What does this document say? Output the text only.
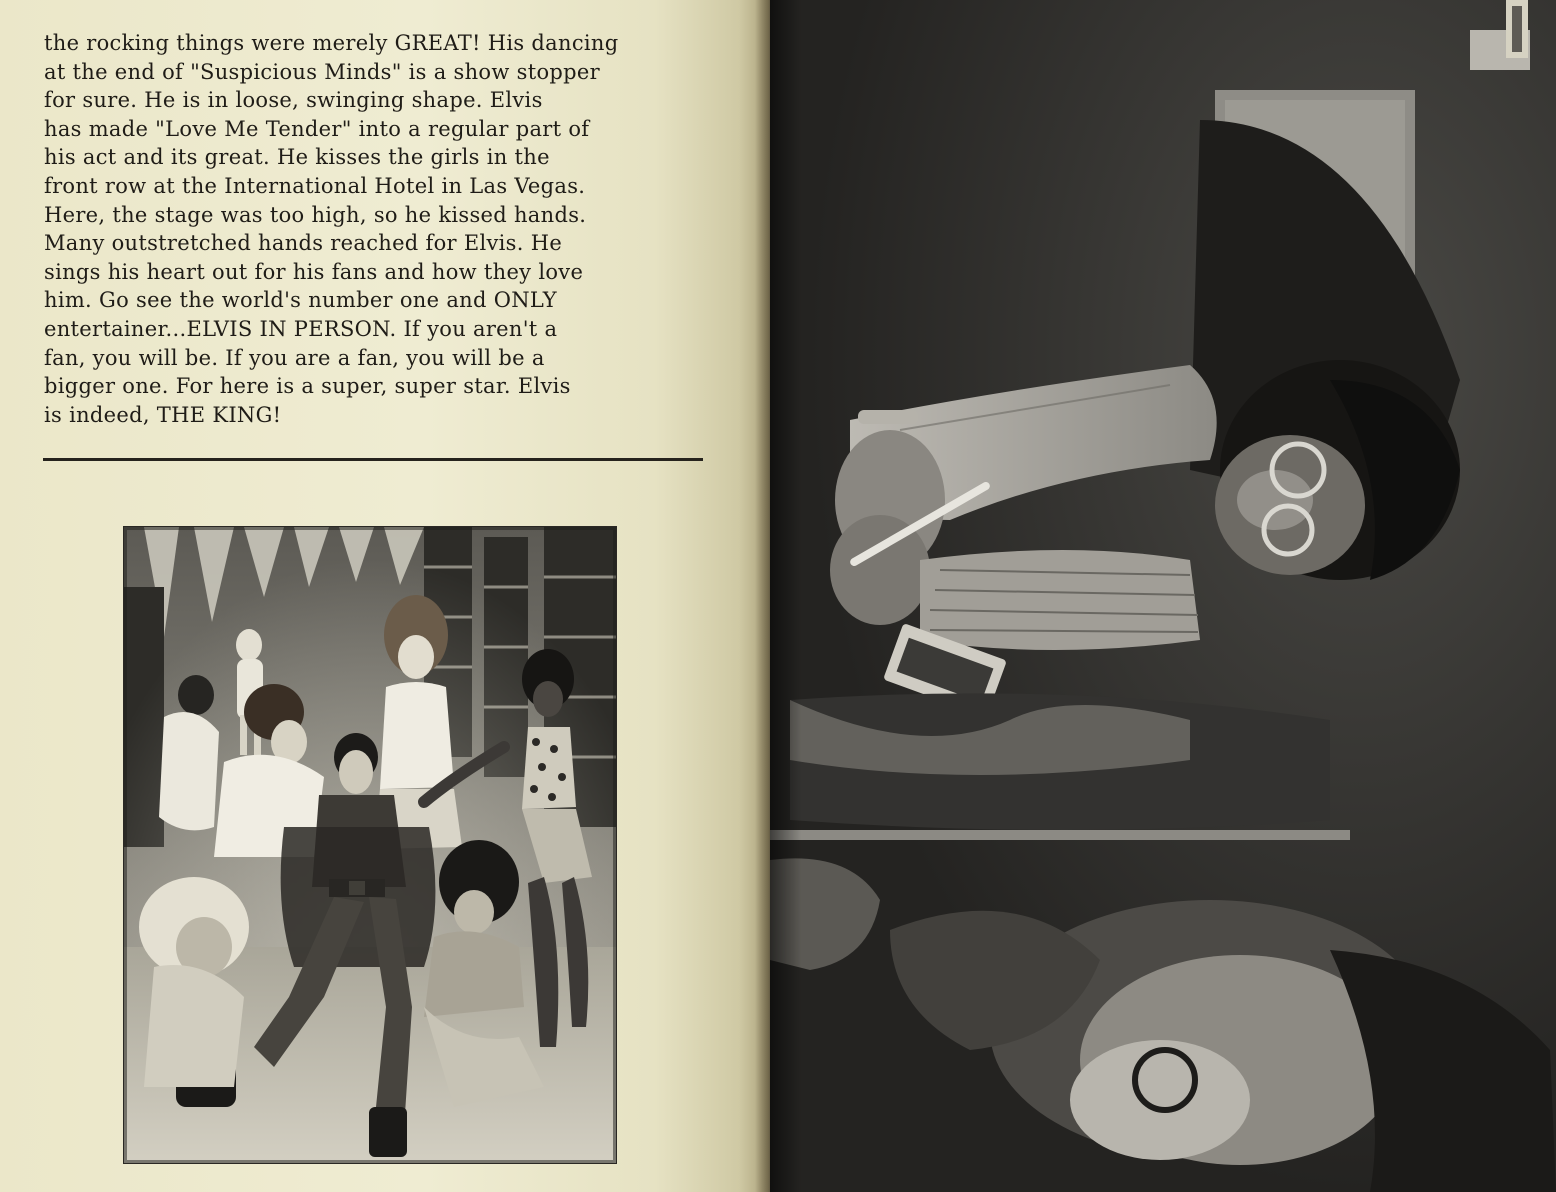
the rocking things were merely GREAT! His dancing
at the end of "Suspicious Minds" is a show stopper
for sure. He is in loose, swinging shape. Elvis
has made "Love Me Tender" into a regular part of
his act and its great. He kisses the girls in the
front row at the International Hotel in Las Vegas.
Here, the stage was too high, so he kissed hands.
Many outstretched hands reached for Elvis. He
sings his heart out for his fans and how they love
him. Go see the world's number one and ONLY
entertainer...ELVIS IN PERSON. If you aren't a
fan, you will be. If you are a fan, you will be a
bigger one. For here is a super, super star. Elvis
is indeed, THE KING!
